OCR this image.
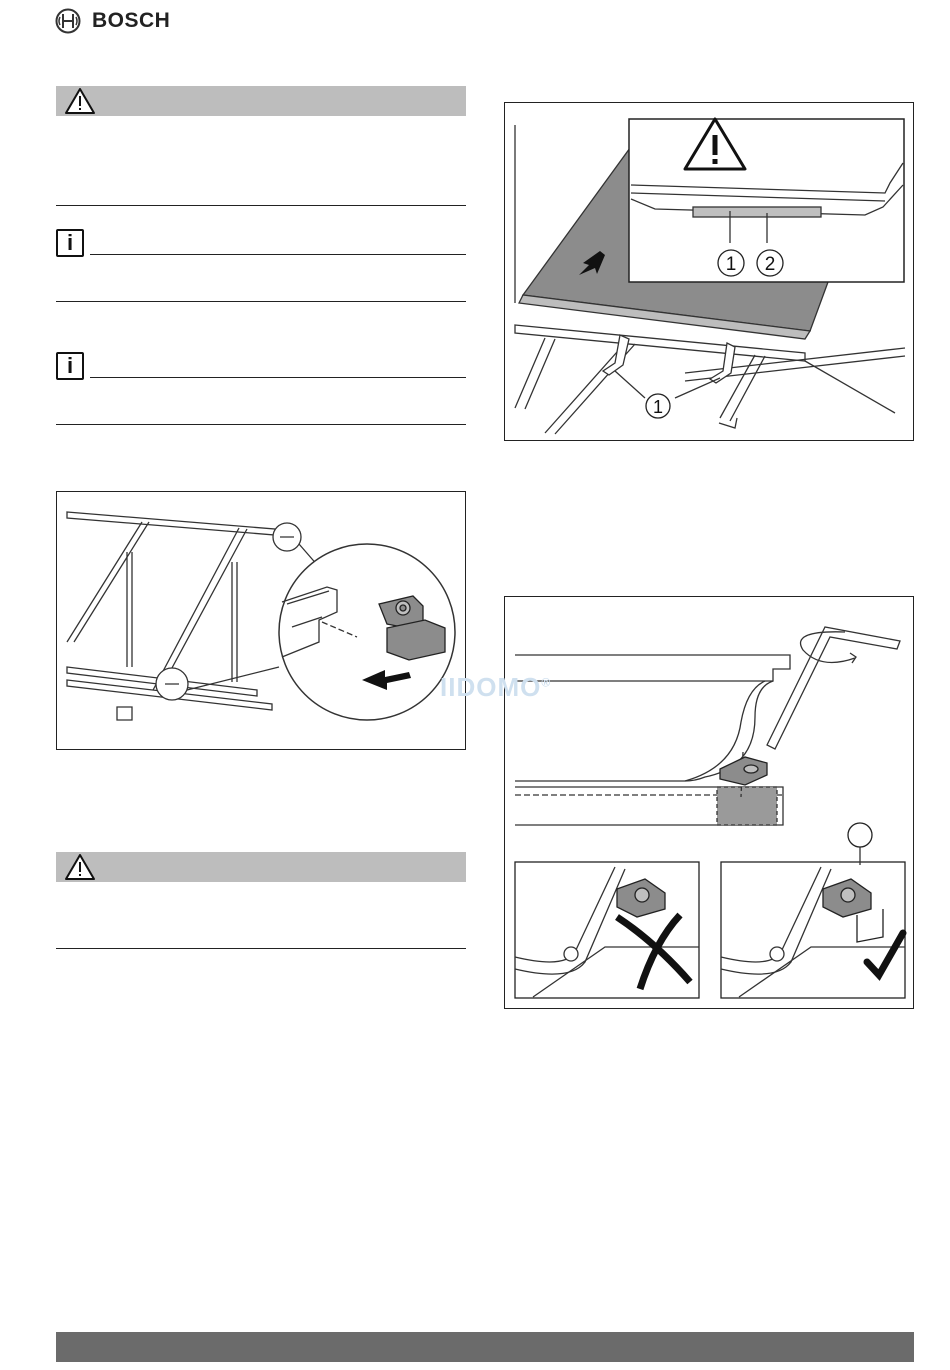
BOSCH
i
i
1
1 2
IIDOMO®
